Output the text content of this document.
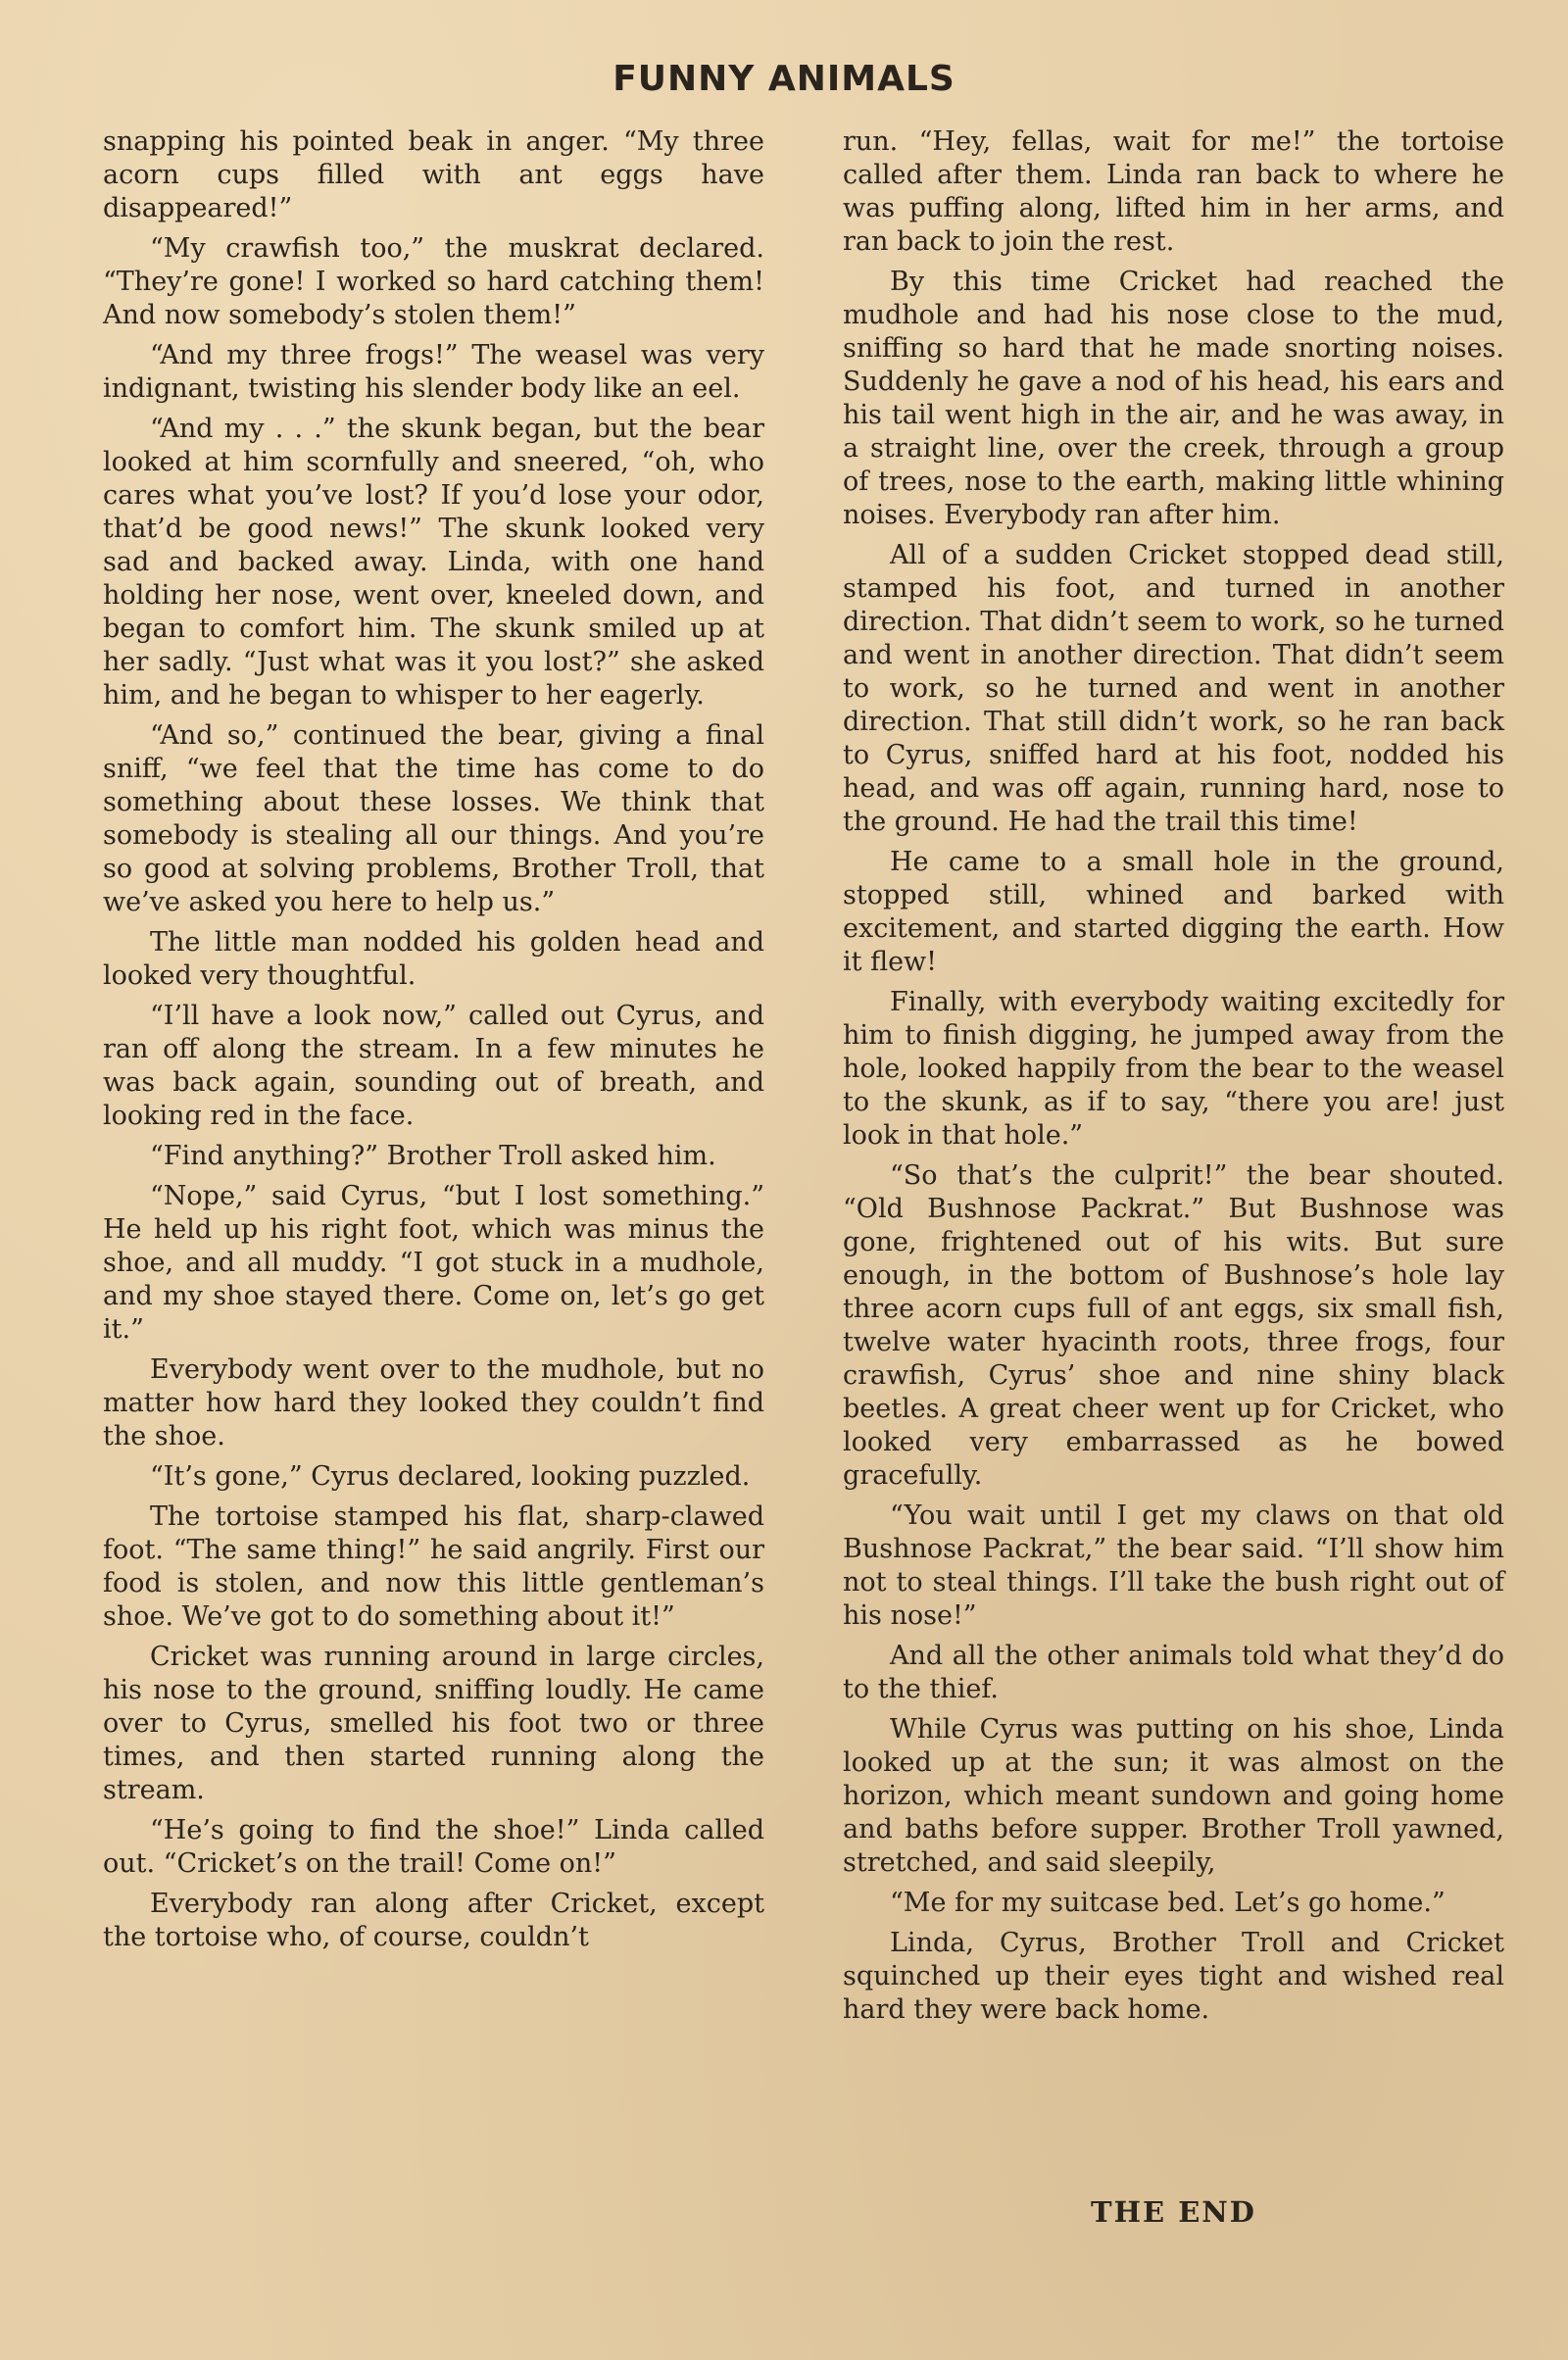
FUNNY ANIMALS

snapping his pointed beak in anger. “My three acorn cups filled with ant eggs have disappeared!”

“My crawfish too,” the muskrat declared. “They’re gone! I worked so hard catching them! And now somebody’s stolen them!”

“And my three frogs!” The weasel was very indignant, twisting his slender body like an eel.

“And my . . .” the skunk began, but the bear looked at him scornfully and sneered, “oh, who cares what you’ve lost? If you’d lose your odor, that’d be good news!” The skunk looked very sad and backed away. Linda, with one hand holding her nose, went over, kneeled down, and began to comfort him. The skunk smiled up at her sadly. “Just what was it you lost?” she asked him, and he began to whisper to her eagerly.

“And so,” continued the bear, giving a final sniff, “we feel that the time has come to do something about these losses. We think that somebody is stealing all our things. And you’re so good at solving problems, Brother Troll, that we’ve asked you here to help us.”

The little man nodded his golden head and looked very thoughtful.

“I’ll have a look now,” called out Cyrus, and ran off along the stream. In a few minutes he was back again, sounding out of breath, and looking red in the face.

“Find anything?” Brother Troll asked him.

“Nope,” said Cyrus, “but I lost something.” He held up his right foot, which was minus the shoe, and all muddy. “I got stuck in a mudhole, and my shoe stayed there. Come on, let’s go get it.”

Everybody went over to the mudhole, but no matter how hard they looked they couldn’t find the shoe.

“It’s gone,” Cyrus declared, looking puzzled.

The tortoise stamped his flat, sharp-clawed foot. “The same thing!” he said angrily. First our food is stolen, and now this little gentleman’s shoe. We’ve got to do something about it!”

Cricket was running around in large circles, his nose to the ground, sniffing loudly. He came over to Cyrus, smelled his foot two or three times, and then started running along the stream.

“He’s going to find the shoe!” Linda called out. “Cricket’s on the trail! Come on!”

Everybody ran along after Cricket, except the tortoise who, of course, couldn’t

run. “Hey, fellas, wait for me!” the tortoise called after them. Linda ran back to where he was puffing along, lifted him in her arms, and ran back to join the rest.

By this time Cricket had reached the mudhole and had his nose close to the mud, sniffing so hard that he made snorting noises. Suddenly he gave a nod of his head, his ears and his tail went high in the air, and he was away, in a straight line, over the creek, through a group of trees, nose to the earth, making little whining noises. Everybody ran after him.

All of a sudden Cricket stopped dead still, stamped his foot, and turned in another direction. That didn’t seem to work, so he turned and went in another direction. That didn’t seem to work, so he turned and went in another direction. That still didn’t work, so he ran back to Cyrus, sniffed hard at his foot, nodded his head, and was off again, running hard, nose to the ground. He had the trail this time!

He came to a small hole in the ground, stopped still, whined and barked with excitement, and started digging the earth. How it flew!

Finally, with everybody waiting excitedly for him to finish digging, he jumped away from the hole, looked happily from the bear to the weasel to the skunk, as if to say, “there you are! just look in that hole.”

“So that’s the culprit!” the bear shouted. “Old Bushnose Packrat.” But Bushnose was gone, frightened out of his wits. But sure enough, in the bottom of Bushnose’s hole lay three acorn cups full of ant eggs, six small fish, twelve water hyacinth roots, three frogs, four crawfish, Cyrus’ shoe and nine shiny black beetles. A great cheer went up for Cricket, who looked very embarrassed as he bowed gracefully.

“You wait until I get my claws on that old Bushnose Packrat,” the bear said. “I’ll show him not to steal things. I’ll take the bush right out of his nose!”

And all the other animals told what they’d do to the thief.

While Cyrus was putting on his shoe, Linda looked up at the sun; it was almost on the horizon, which meant sundown and going home and baths before supper. Brother Troll yawned, stretched, and said sleepily,

“Me for my suitcase bed. Let’s go home.”

Linda, Cyrus, Brother Troll and Cricket squinched up their eyes tight and wished real hard they were back home.

THE END
